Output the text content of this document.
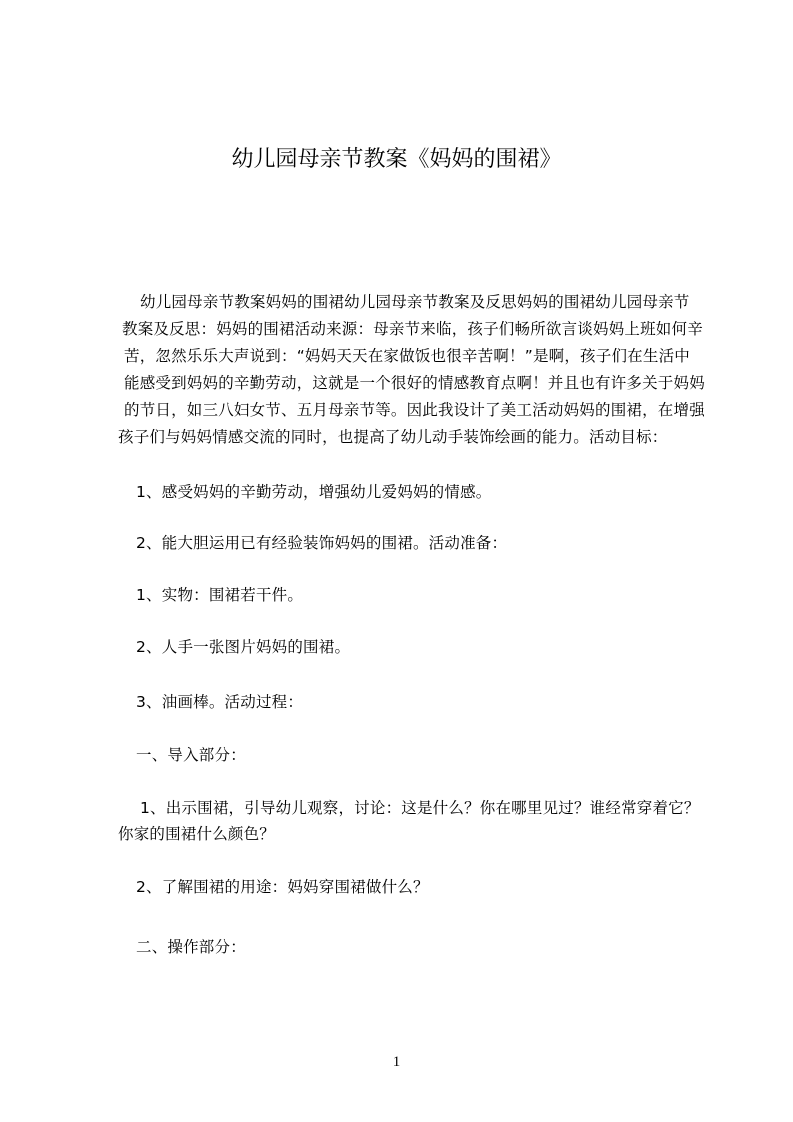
幼儿园母亲节教案《妈妈的围裙》
幼儿园母亲节教案妈妈的围裙幼儿园母亲节教案及反思妈妈的围裙幼儿园母亲节
教案及反思：妈妈的围裙活动来源：母亲节来临，孩子们畅所欲言谈妈妈上班如何辛
苦，忽然乐乐大声说到：“妈妈天天在家做饭也很辛苦啊！”是啊，孩子们在生活中
能感受到妈妈的辛勤劳动，这就是一个很好的情感教育点啊！并且也有许多关于妈妈
的节日，如三八妇女节、五月母亲节等。因此我设计了美工活动妈妈的围裙，在增强
孩子们与妈妈情感交流的同时，也提高了幼儿动手装饰绘画的能力。活动目标：
1、感受妈妈的辛勤劳动，增强幼儿爱妈妈的情感。
2、能大胆运用已有经验装饰妈妈的围裙。活动准备：
1、实物：围裙若干件。
2、人手一张图片妈妈的围裙。
3、油画棒。活动过程：
一、导入部分：
1、出示围裙，引导幼儿观察，讨论：这是什么？你在哪里见过？谁经常穿着它？
你家的围裙什么颜色？
2、了解围裙的用途：妈妈穿围裙做什么？
二、操作部分：
1
